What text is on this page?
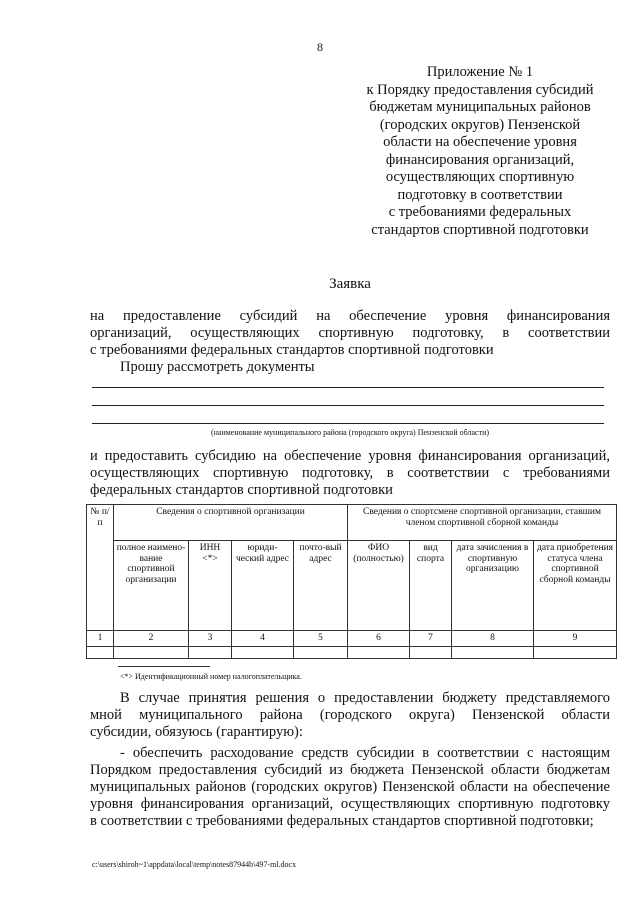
8
Приложение № 1
к Порядку предоставления субсидий
бюджетам муниципальных районов
(городских округов) Пензенской
области на обеспечение уровня
финансирования организаций,
осуществляющих спортивную
подготовку в соответствии
с требованиями федеральных
стандартов спортивной подготовки
Заявка
на предоставление субсидий на обеспечение уровня финансирования
организаций, осуществляющих спортивную подготовку, в соответствии
с требованиями федеральных стандартов спортивной подготовки
Прошу рассмотреть документы
(наименование муниципального района (городского округа) Пензенской области)
и предоставить субсидию на обеспечение уровня финансирования организаций,
осуществляющих спортивную подготовку, в соответствии с требованиями
федеральных стандартов спортивной подготовки
№ п/п	Сведения о спортивной организации				Сведения о спортсмене спортивной организации, ставшим членом спортивной сборной команды			
	полное наимено-вание спортивной организации	ИНН <*>	юриди-ческий адрес	почто-вый адрес	ФИО (полностью)	вид спорта	дата зачисления в спортивную организацию	дата приобретения статуса члена спортивной сборной команды
1	2	3	4	5	6	7	8	9

<*> Идентификационный номер налогоплательщика.
В случае принятия решения о предоставлении бюджету представляемого
мной муниципального района (городского округа) Пензенской области
субсидии, обязуюсь (гарантирую):
- обеспечить расходование средств субсидии в соответствии с настоящим
Порядком предоставления субсидий из бюджета Пензенской области бюджетам
муниципальных районов (городских округов) Пензенской области на обеспечение
уровня финансирования организаций, осуществляющих спортивную подготовку
в соответствии с требованиями федеральных стандартов спортивной подготовки;
c:\users\shiroh~1\appdata\local\temp\notes87944b\497-ml.docx
